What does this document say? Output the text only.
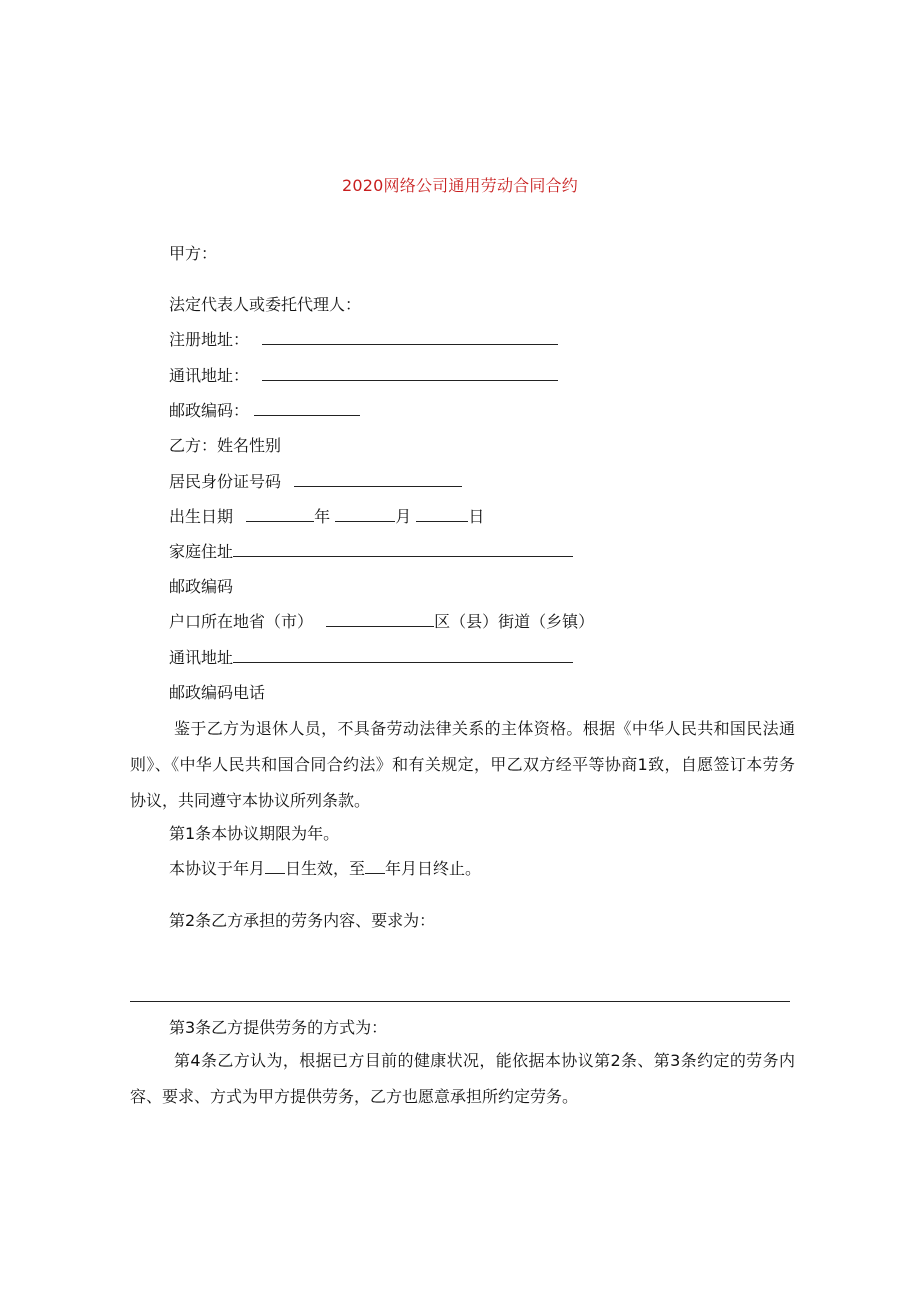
2020网络公司通用劳动合同合约
甲方：
法定代表人或委托代理人：
注册地址：
通讯地址：
邮政编码：
乙方：姓名性别
居民身份证号码
出生日期	年	月	日
家庭住址
邮政编码
户口所在地省（市）	区（县）街道（乡镇）
通讯地址
邮政编码电话
鉴于乙方为退休人员，不具备劳动法律关系的主体资格。根据《中华人民共和国民法通则》、《中华人民共和国合同合约法》和有关规定，甲乙双方经平等协商1致，自愿签订本劳务协议，共同遵守本协议所列条款。
第1条本协议期限为年。
本协议于年月 日生效，至 年月日终止。
第2条乙方承担的劳务内容、要求为：
第3条乙方提供劳务的方式为：
第4条乙方认为，根据已方目前的健康状况，能依据本协议第2条、第3条约定的劳务内容、要求、方式为甲方提供劳务，乙方也愿意承担所约定劳务。
